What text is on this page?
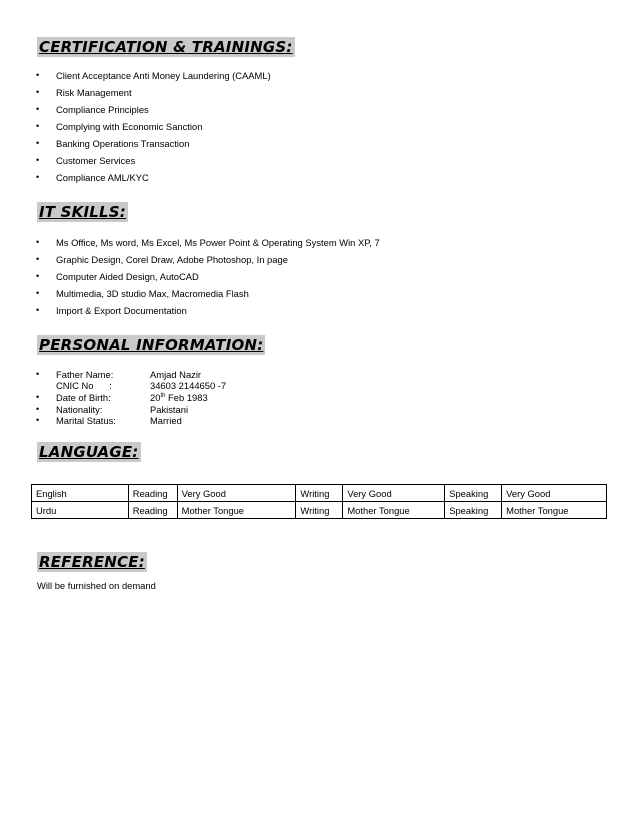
CERTIFICATION & TRAININGS:
• Client Acceptance Anti Money Laundering (CAAML)
• Risk Management
• Compliance Principles
• Complying with Economic Sanction
• Banking Operations Transaction
• Customer Services
• Compliance AML/KYC
IT SKILLS:
• Ms Office, Ms word, Ms Excel, Ms Power Point & Operating System Win XP, 7
• Graphic Design, Corel Draw, Adobe Photoshop, In page
• Computer Aided Design, AutoCAD
• Multimedia, 3D studio Max, Macromedia Flash
• Import & Export Documentation
PERSONAL INFORMATION:
• Father Name:	Amjad Nazir
CNIC No      :	34603 2144650 -7
• Date of Birth:	20th Feb 1983
• Nationality:	Pakistani
• Marital Status:	Married
LANGUAGE:
English	Reading	Very Good	Writing	Very Good	Speaking	Very Good
Urdu	Reading	Mother Tongue	Writing	Mother Tongue	Speaking	Mother Tongue
REFERENCE:
Will be furnished on demand
